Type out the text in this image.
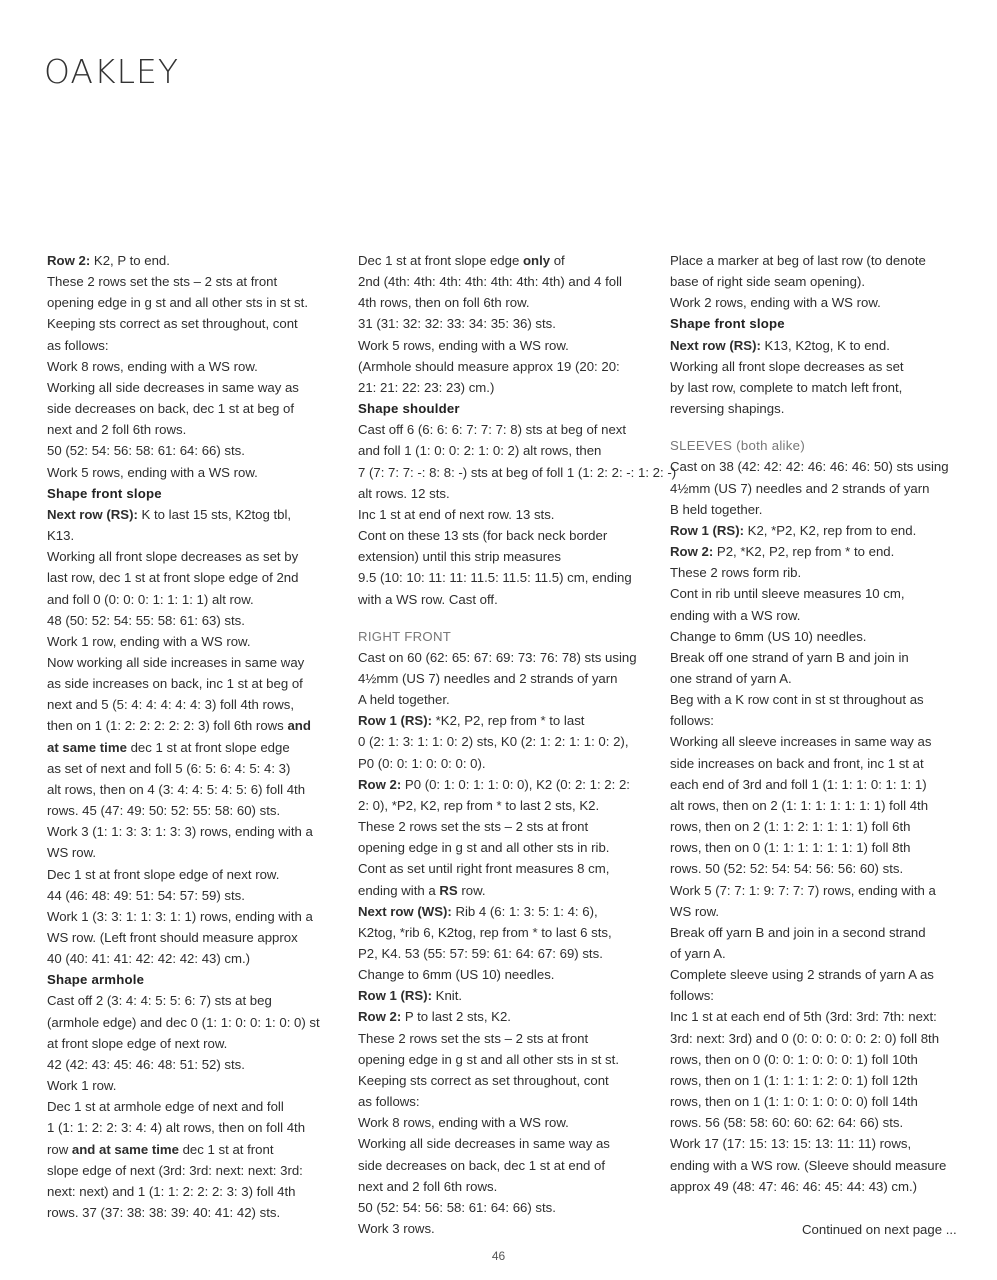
OAKLEY
Row 2: K2, P to end.
These 2 rows set the sts – 2 sts at front
opening edge in g st and all other sts in st st.
Keeping sts correct as set throughout, cont
as follows:
Work 8 rows, ending with a WS row.
Working all side decreases in same way as
side decreases on back, dec 1 st at beg of
next and 2 foll 6th rows.
50 (52: 54: 56: 58: 61: 64: 66) sts.
Work 5 rows, ending with a WS row.
Shape front slope
Next row (RS): K to last 15 sts, K2tog tbl,
K13.
Working all front slope decreases as set by
last row, dec 1 st at front slope edge of 2nd
and foll 0 (0: 0: 0: 1: 1: 1: 1) alt row.
48 (50: 52: 54: 55: 58: 61: 63) sts.
Work 1 row, ending with a WS row.
Now working all side increases in same way
as side increases on back, inc 1 st at beg of
next and 5 (5: 4: 4: 4: 4: 4: 3) foll 4th rows,
then on 1 (1: 2: 2: 2: 2: 2: 3) foll 6th rows and
at same time dec 1 st at front slope edge
as set of next and foll 5 (6: 5: 6: 4: 5: 4: 3)
alt rows, then on 4 (3: 4: 4: 5: 4: 5: 6) foll 4th
rows. 45 (47: 49: 50: 52: 55: 58: 60) sts.
Work 3 (1: 1: 3: 3: 1: 3: 3) rows, ending with a
WS row.
Dec 1 st at front slope edge of next row.
44 (46: 48: 49: 51: 54: 57: 59) sts.
Work 1 (3: 3: 1: 1: 3: 1: 1) rows, ending with a
WS row. (Left front should measure approx
40 (40: 41: 41: 42: 42: 42: 43) cm.)
Shape armhole
Cast off 2 (3: 4: 4: 5: 5: 6: 7) sts at beg
(armhole edge) and dec 0 (1: 1: 0: 0: 1: 0: 0) st
at front slope edge of next row.
42 (42: 43: 45: 46: 48: 51: 52) sts.
Work 1 row.
Dec 1 st at armhole edge of next and foll
1 (1: 1: 2: 2: 3: 4: 4) alt rows, then on foll 4th
row and at same time dec 1 st at front
slope edge of next (3rd: 3rd: next: next: 3rd:
next: next) and 1 (1: 1: 2: 2: 2: 3: 3) foll 4th
rows. 37 (37: 38: 38: 39: 40: 41: 42) sts.
Dec 1 st at front slope edge only of
2nd (4th: 4th: 4th: 4th: 4th: 4th: 4th) and 4 foll
4th rows, then on foll 6th row.
31 (31: 32: 32: 33: 34: 35: 36) sts.
Work 5 rows, ending with a WS row.
(Armhole should measure approx 19 (20: 20:
21: 21: 22: 23: 23) cm.)
Shape shoulder
Cast off 6 (6: 6: 6: 7: 7: 7: 8) sts at beg of next
and foll 1 (1: 0: 0: 2: 1: 0: 2) alt rows, then
7 (7: 7: 7: -: 8: 8: -) sts at beg of foll 1 (1: 2: 2: -: 1: 2: -)
alt rows. 12 sts.
Inc 1 st at end of next row. 13 sts.
Cont on these 13 sts (for back neck border
extension) until this strip measures
9.5 (10: 10: 11: 11: 11.5: 11.5: 11.5) cm, ending
with a WS row. Cast off.
RIGHT FRONT
Cast on 60 (62: 65: 67: 69: 73: 76: 78) sts using
4½mm (US 7) needles and 2 strands of yarn
A held together.
Row 1 (RS): *K2, P2, rep from * to last
0 (2: 1: 3: 1: 1: 0: 2) sts, K0 (2: 1: 2: 1: 1: 0: 2),
P0 (0: 0: 1: 0: 0: 0: 0).
Row 2: P0 (0: 1: 0: 1: 1: 0: 0), K2 (0: 2: 1: 2: 2:
2: 0), *P2, K2, rep from * to last 2 sts, K2.
These 2 rows set the sts – 2 sts at front
opening edge in g st and all other sts in rib.
Cont as set until right front measures 8 cm,
ending with a RS row.
Next row (WS): Rib 4 (6: 1: 3: 5: 1: 4: 6),
K2tog, *rib 6, K2tog, rep from * to last 6 sts,
P2, K4. 53 (55: 57: 59: 61: 64: 67: 69) sts.
Change to 6mm (US 10) needles.
Row 1 (RS): Knit.
Row 2: P to last 2 sts, K2.
These 2 rows set the sts – 2 sts at front
opening edge in g st and all other sts in st st.
Keeping sts correct as set throughout, cont
as follows:
Work 8 rows, ending with a WS row.
Working all side decreases in same way as
side decreases on back, dec 1 st at end of
next and 2 foll 6th rows.
50 (52: 54: 56: 58: 61: 64: 66) sts.
Work 3 rows.
Place a marker at beg of last row (to denote
base of right side seam opening).
Work 2 rows, ending with a WS row.
Shape front slope
Next row (RS): K13, K2tog, K to end.
Working all front slope decreases as set
by last row, complete to match left front,
reversing shapings.
SLEEVES (both alike)
Cast on 38 (42: 42: 42: 46: 46: 46: 50) sts using
4½mm (US 7) needles and 2 strands of yarn
B held together.
Row 1 (RS): K2, *P2, K2, rep from to end.
Row 2: P2, *K2, P2, rep from * to end.
These 2 rows form rib.
Cont in rib until sleeve measures 10 cm,
ending with a WS row.
Change to 6mm (US 10) needles.
Break off one strand of yarn B and join in
one strand of yarn A.
Beg with a K row cont in st st throughout as
follows:
Working all sleeve increases in same way as
side increases on back and front, inc 1 st at
each end of 3rd and foll 1 (1: 1: 1: 0: 1: 1: 1)
alt rows, then on 2 (1: 1: 1: 1: 1: 1: 1) foll 4th
rows, then on 2 (1: 1: 2: 1: 1: 1: 1) foll 6th
rows, then on 0 (1: 1: 1: 1: 1: 1: 1) foll 8th
rows. 50 (52: 52: 54: 54: 56: 56: 60) sts.
Work 5 (7: 7: 1: 9: 7: 7: 7) rows, ending with a
WS row.
Break off yarn B and join in a second strand
of yarn A.
Complete sleeve using 2 strands of yarn A as
follows:
Inc 1 st at each end of 5th (3rd: 3rd: 7th: next:
3rd: next: 3rd) and 0 (0: 0: 0: 0: 0: 2: 0) foll 8th
rows, then on 0 (0: 0: 1: 0: 0: 0: 1) foll 10th
rows, then on 1 (1: 1: 1: 1: 2: 0: 1) foll 12th
rows, then on 1 (1: 1: 0: 1: 0: 0: 0) foll 14th
rows. 56 (58: 58: 60: 60: 62: 64: 66) sts.
Work 17 (17: 15: 13: 15: 13: 11: 11) rows,
ending with a WS row. (Sleeve should measure
approx 49 (48: 47: 46: 46: 45: 44: 43) cm.)
Continued on next page ...
46
